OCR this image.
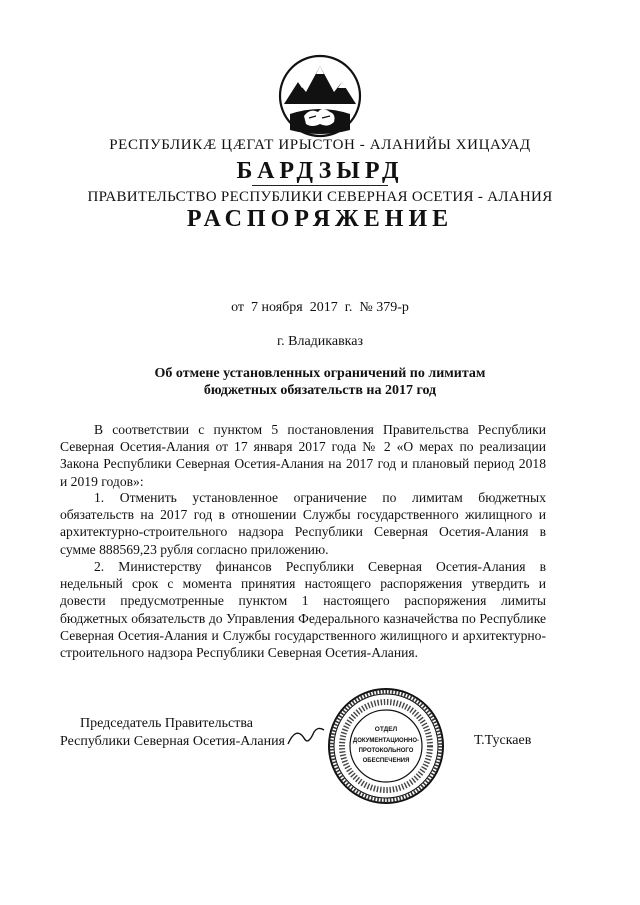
РЕСПУБЛИКӔ ЦӔГАТ ИРЫСТОН - АЛАНИЙЫ ХИЦАУАД
БАРДЗЫРД
ПРАВИТЕЛЬСТВО РЕСПУБЛИКИ СЕВЕРНАЯ ОСЕТИЯ - АЛАНИЯ
РАСПОРЯЖЕНИЕ
от  7 ноября  2017  г.  № 379-р
г. Владикавказ
Об отмене установленных ограничений по лимитам
бюджетных обязательств на 2017 год

В соответствии с пунктом 5 постановления Правительства Республики Северная Осетия-Алания от 17 января 2017 года № 2 «О мерах по реализации Закона Республики Северная Осетия-Алания на 2017 год и плановый период 2018 и 2019 годов»:

1. Отменить установленное ограничение по лимитам бюджетных обязательств на 2017 год в отношении Службы государственного жилищного и архитектурно-строительного надзора Республики Северная Осетия-Алания в сумме 888569,23 рубля согласно приложению.

2. Министерству финансов Республики Северная Осетия-Алания в недельный срок с момента принятия настоящего распоряжения утвердить и довести предусмотренные пунктом 1 настоящего распоряжения лимиты бюджетных обязательств до Управления Федерального казначейства по Республике Северная Осетия-Алания и Службы государственного жилищного и архитектурно-строительного надзора Республики Северная Осетия-Алания.

Председатель Правительства
Республики Северная Осетия-Алания
ОТДЕЛ
ДОКУМЕНТАЦИОННО-
ПРОТОКОЛЬНОГО
ОБЕСПЕЧЕНИЯ
Т.Тускаев
